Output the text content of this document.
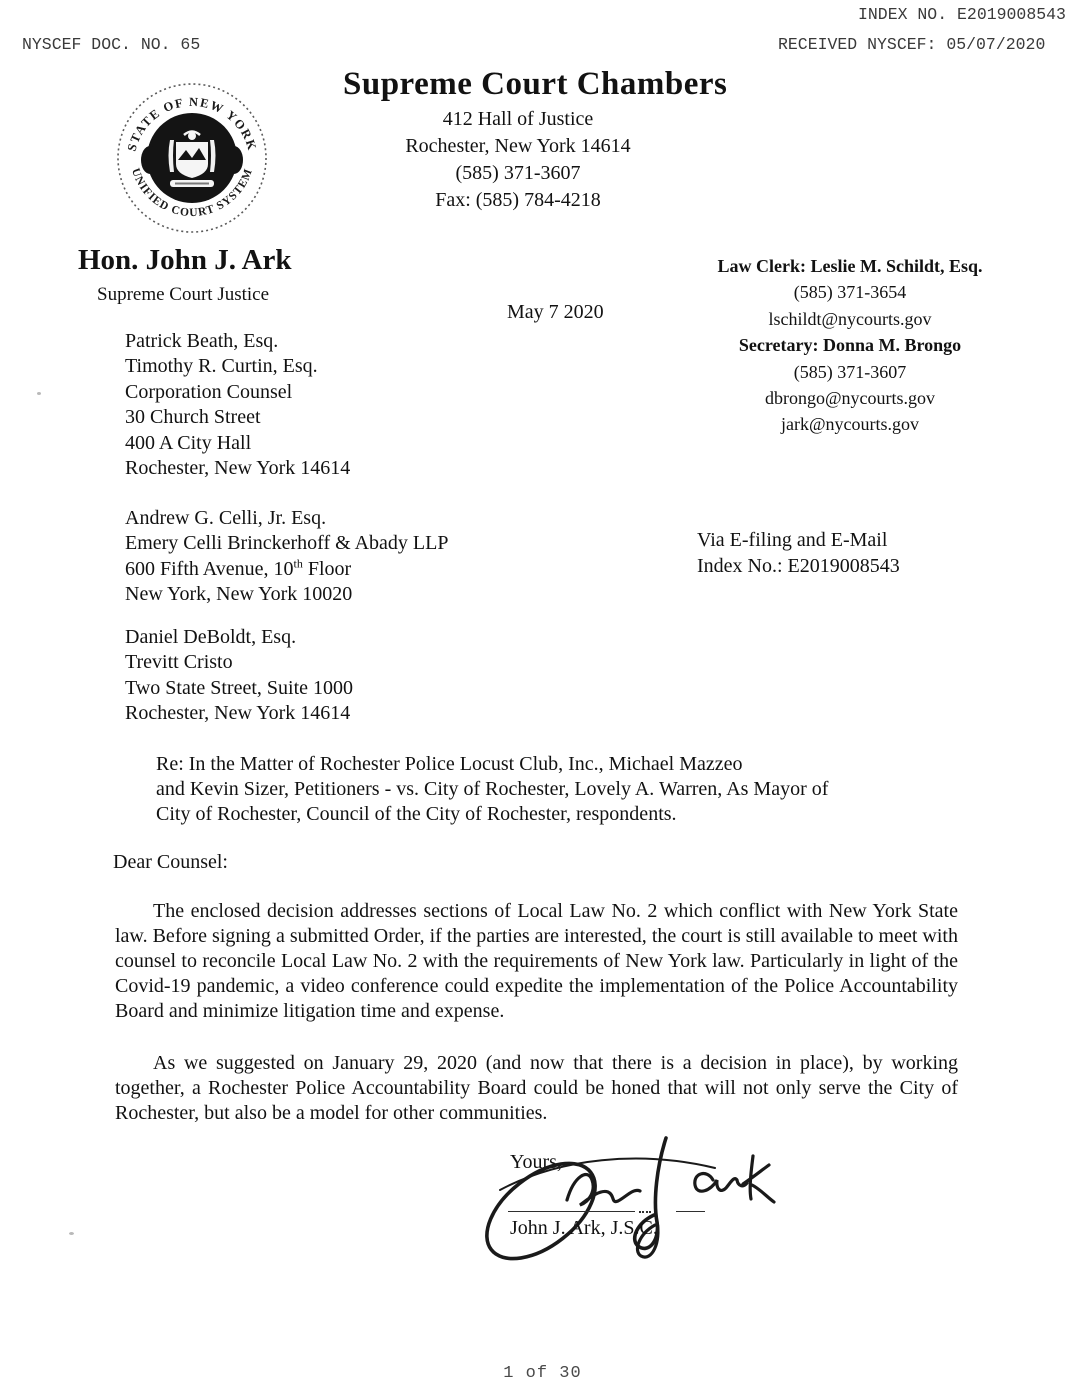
INDEX NO. E2019008543
NYSCEF DOC. NO. 65	RECEIVED NYSCEF: 05/07/2020
STATE OF NEW YORK
UNIFIED COURT SYSTEM
Supreme Court Chambers
412 Hall of Justice
Rochester, New York 14614
(585) 371-3607
Fax: (585) 784-4218
Hon. John J. Ark
Supreme Court Justice
May 7 2020
Law Clerk: Leslie M. Schildt, Esq.
(585) 371-3654
lschildt@nycourts.gov
Secretary: Donna M. Brongo
(585) 371-3607
dbrongo@nycourts.gov
jark@nycourts.gov
Patrick Beath, Esq.
Timothy R. Curtin, Esq.
Corporation Counsel
30 Church Street
400 A City Hall
Rochester, New York 14614
Andrew G. Celli, Jr. Esq.
Emery Celli Brinckerhoff & Abady LLP
600 Fifth Avenue, 10th Floor
New York, New York 10020
Via E-filing and E-Mail
Index No.: E2019008543
Daniel DeBoldt, Esq.
Trevitt Cristo
Two State Street, Suite 1000
Rochester, New York 14614
Re: In the Matter of Rochester Police Locust Club, Inc., Michael Mazzeo
and Kevin Sizer, Petitioners - vs. City of Rochester, Lovely A. Warren, As Mayor of
City of Rochester, Council of the City of Rochester, respondents.
Dear Counsel:
The enclosed decision addresses sections of Local Law No. 2 which conflict with New York State law. Before signing a submitted Order, if the parties are interested, the court is still available to meet with counsel to reconcile Local Law No. 2 with the requirements of New York law. Particularly in light of the Covid-19 pandemic, a video conference could expedite the implementation of the Police Accountability Board and minimize litigation time and expense.
As we suggested on January 29, 2020 (and now that there is a decision in place), by working together, a Rochester Police Accountability Board could be honed that will not only serve the City of Rochester, but also be a model for other communities.
Yours,
John J. Ark, J.S.C.
1 of 30
